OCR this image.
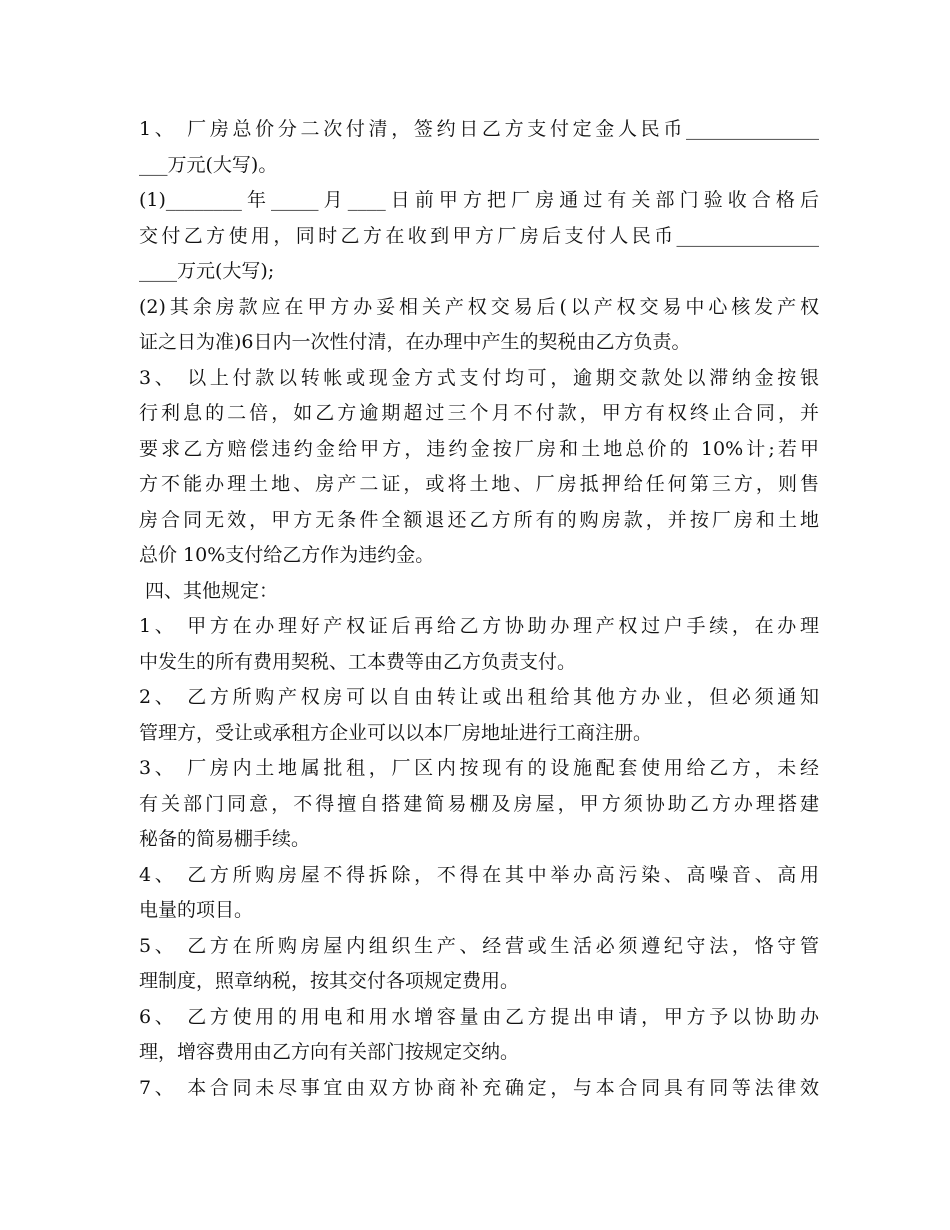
1、 厂房总价分二次付清，签约日乙方支付定金人民币______________
___万元(大写)。
(1)________年_____月____日前甲方把厂房通过有关部门验收合格后
交付乙方使用，同时乙方在收到甲方厂房后支付人民币_______________
____万元(大写);
(2)其余房款应在甲方办妥相关产权交易后(以产权交易中心核发产权
证之日为准)6日内一次性付清，在办理中产生的契税由乙方负责。
3、 以上付款以转帐或现金方式支付均可，逾期交款处以滞纳金按银
行利息的二倍，如乙方逾期超过三个月不付款，甲方有权终止合同，并
要求乙方赔偿违约金给甲方，违约金按厂房和土地总价的 10%计;若甲
方不能办理土地、房产二证，或将土地、厂房抵押给任何第三方，则售
房合同无效，甲方无条件全额退还乙方所有的购房款，并按厂房和土地
总价 10%支付给乙方作为违约金。
四、其他规定：
1、 甲方在办理好产权证后再给乙方协助办理产权过户手续，在办理
中发生的所有费用契税、工本费等由乙方负责支付。
2、 乙方所购产权房可以自由转让或出租给其他方办业，但必须通知
管理方，受让或承租方企业可以以本厂房地址进行工商注册。
3、 厂房内土地属批租，厂区内按现有的设施配套使用给乙方，未经
有关部门同意，不得擅自搭建简易棚及房屋，甲方须协助乙方办理搭建
秘备的简易棚手续。
4、 乙方所购房屋不得拆除，不得在其中举办高污染、高噪音、高用
电量的项目。
5、 乙方在所购房屋内组织生产、经营或生活必须遵纪守法，恪守管
理制度，照章纳税，按其交付各项规定费用。
6、 乙方使用的用电和用水增容量由乙方提出申请，甲方予以协助办
理，增容费用由乙方向有关部门按规定交纳。
7、 本合同未尽事宜由双方协商补充确定，与本合同具有同等法律效
